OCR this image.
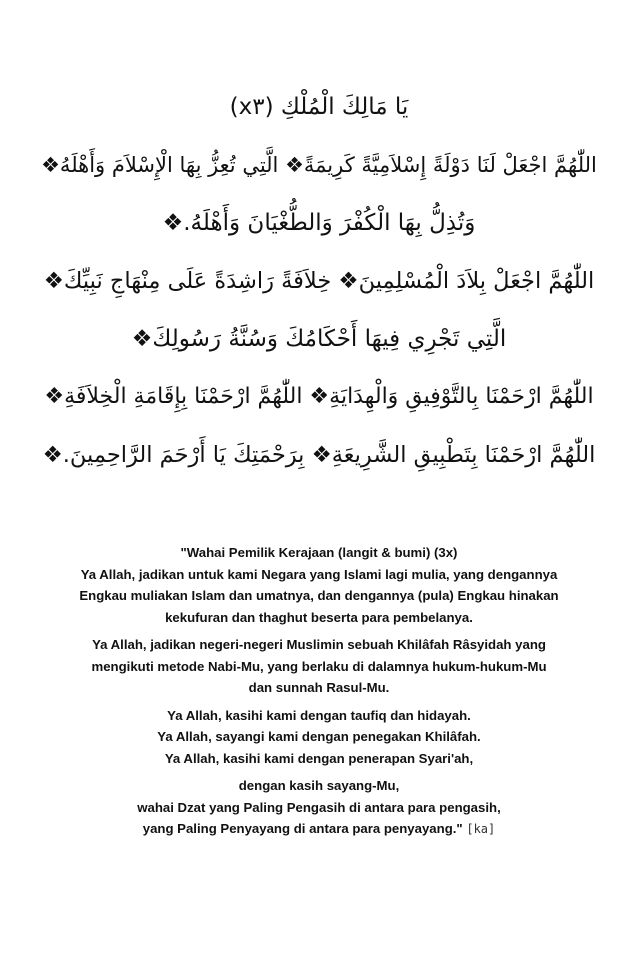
يَا مَالِكَ الْمُلْكِ (x٣)
اللّٰهُمَّ اجْعَلْ لَنَا دَوْلَةً إِسْلاَمِيَّةً كَرِيمَةً❖ الَّتِي تُعِزُّ بِهَا الْإِسْلاَمَ وَأَهْلَهُ❖
وَتُذِلُّ بِهَا الْكُفْرَ وَالطُّغْيَانَ وَأَهْلَهُ.❖
اللّٰهُمَّ اجْعَلْ بِلاَدَ الْمُسْلِمِينَ❖ خِلاَفَةً رَاشِدَةً عَلَى مِنْهَاجِ نَبِيِّكَ❖
الَّتِي تَجْرِي فِيهَا أَحْكَامُكَ وَسُنَّةُ رَسُولِكَ❖
اللّٰهُمَّ ارْحَمْنَا بِالتَّوْفِيقِ وَالْهِدَايَةِ❖ اللّٰهُمَّ ارْحَمْنَا بِإِقَامَةِ الْخِلاَفَةِ❖
اللّٰهُمَّ ارْحَمْنَا بِتَطْبِيقِ الشَّرِيعَةِ❖ بِرَحْمَتِكَ يَا أَرْحَمَ الرَّاحِمِينَ.❖
"Wahai Pemilik Kerajaan (langit & bumi) (3x)
Ya Allah, jadikan untuk kami Negara yang Islami lagi mulia, yang dengannya
Engkau muliakan Islam dan umatnya, dan dengannya (pula) Engkau hinakan
kekufuran dan thaghut beserta para pembelanya.
Ya Allah, jadikan negeri-negeri Muslimin sebuah Khilâfah Râsyidah yang
mengikuti metode Nabi-Mu, yang berlaku di dalamnya hukum-hukum-Mu
dan sunnah Rasul-Mu.
Ya Allah, kasihi kami dengan taufiq dan hidayah.
Ya Allah, sayangi kami dengan penegakan Khilâfah.
Ya Allah, kasihi kami dengan penerapan Syari'ah,
dengan kasih sayang-Mu,
wahai Dzat yang Paling Pengasih di antara para pengasih,
yang Paling Penyayang di antara para penyayang." [ka]
